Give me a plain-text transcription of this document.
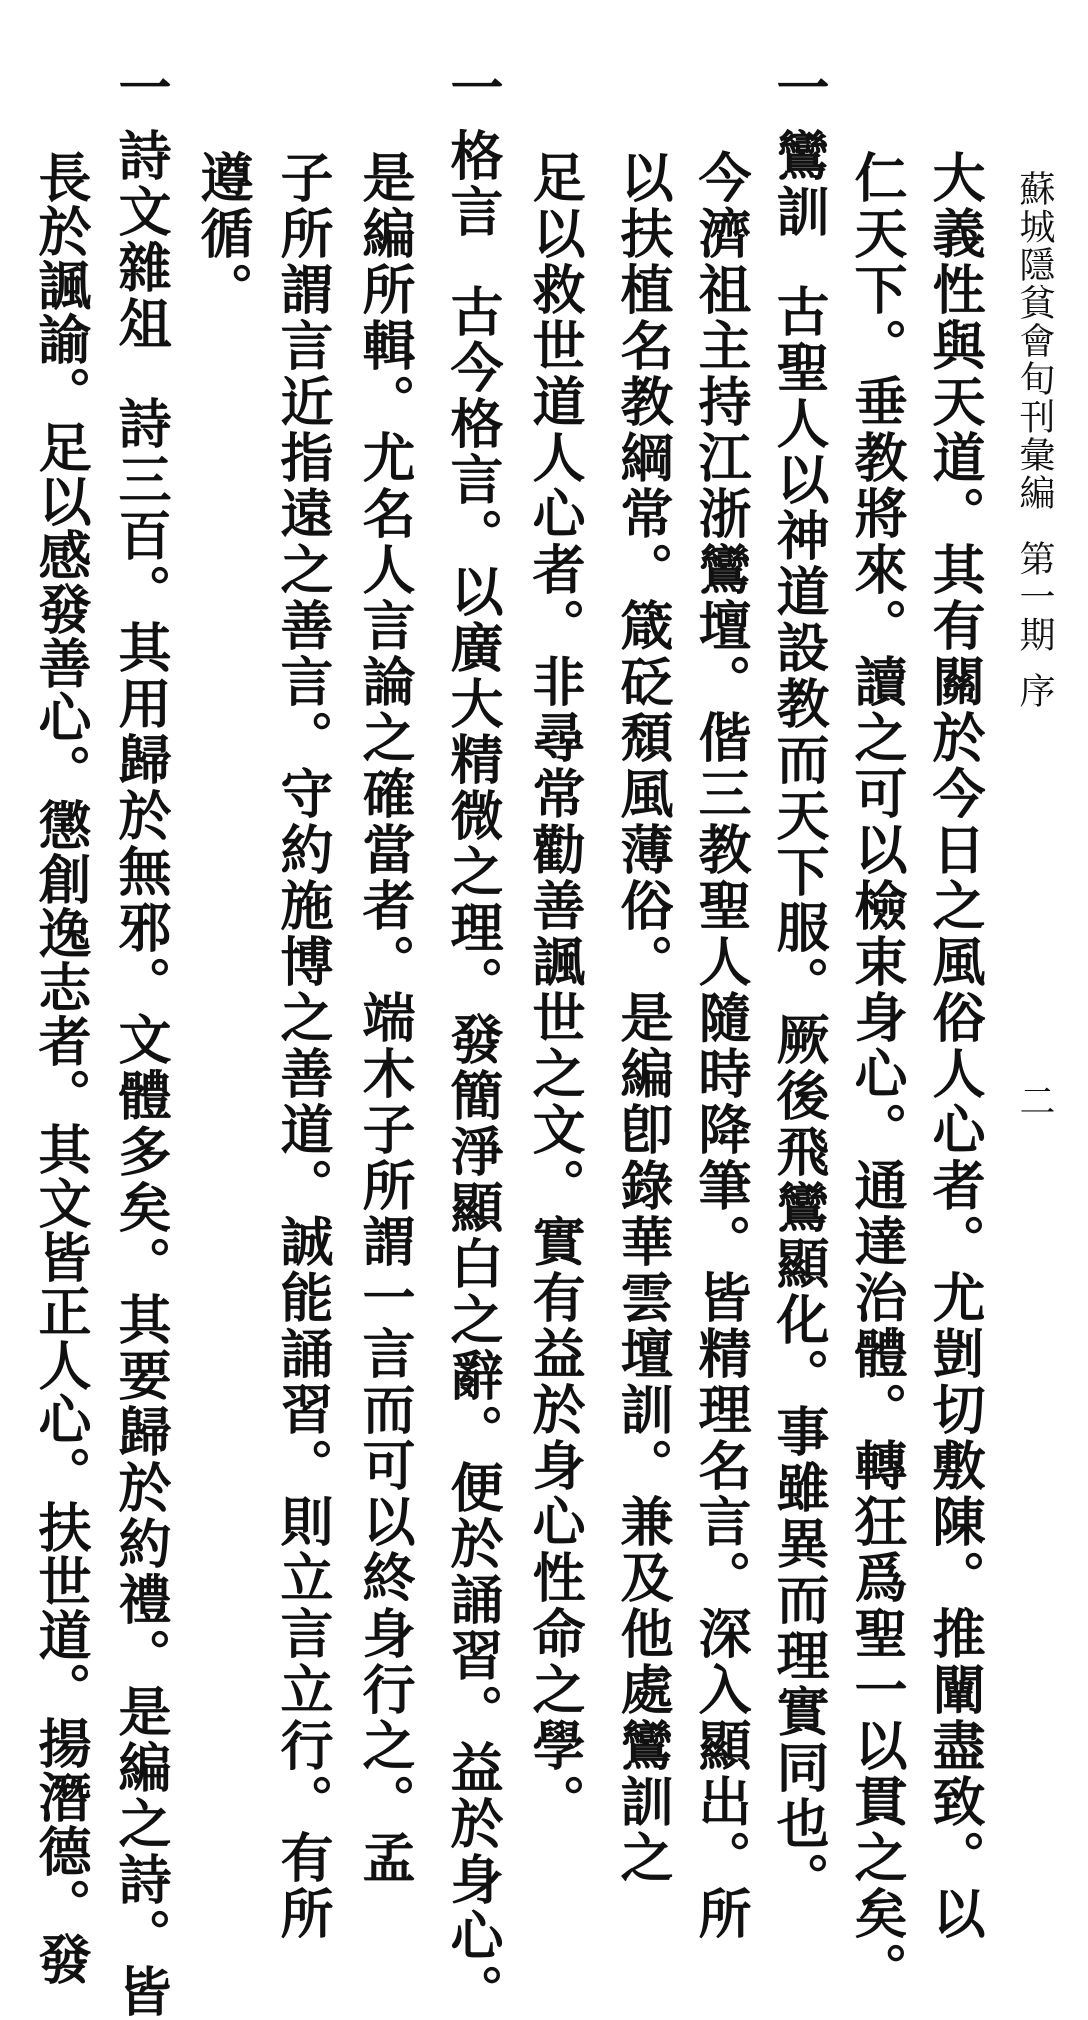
蘇城隱貧會旬刊彙編第一期序
二
大義性與天道。其有關於今日之風俗人心者。尤剴切敷陳。推闡盡致。以
仁天下。垂教將來。讀之可以檢束身心。通達治體。轉狂爲聖一以貫之矣。
一鸞訓古聖人以神道設教而天下服。厥後飛鸞顯化。事雖異而理實同也。
今濟祖主持江浙鸞壇。偕三教聖人隨時降筆。皆精理名言。深入顯出。所
以扶植名教綱常。箴砭頹風薄俗。是編卽錄華雲壇訓。兼及他處鸞訓之
足以救世道人心者。非尋常勸善諷世之文。實有益於身心性命之學。
一格言古今格言。以廣大精微之理。發簡淨顯白之辭。便於誦習。益於身心。
是編所輯。尤名人言論之確當者。端木子所謂一言而可以終身行之。孟
子所謂言近指遠之善言。守約施博之善道。誠能誦習。則立言立行。有所
遵循。
一詩文雜俎詩三百。其用歸於無邪。文體多矣。其要歸於約禮。是編之詩。皆
長於諷諭。足以感發善心。懲創逸志者。其文皆正人心。扶世道。揚潛德。發
